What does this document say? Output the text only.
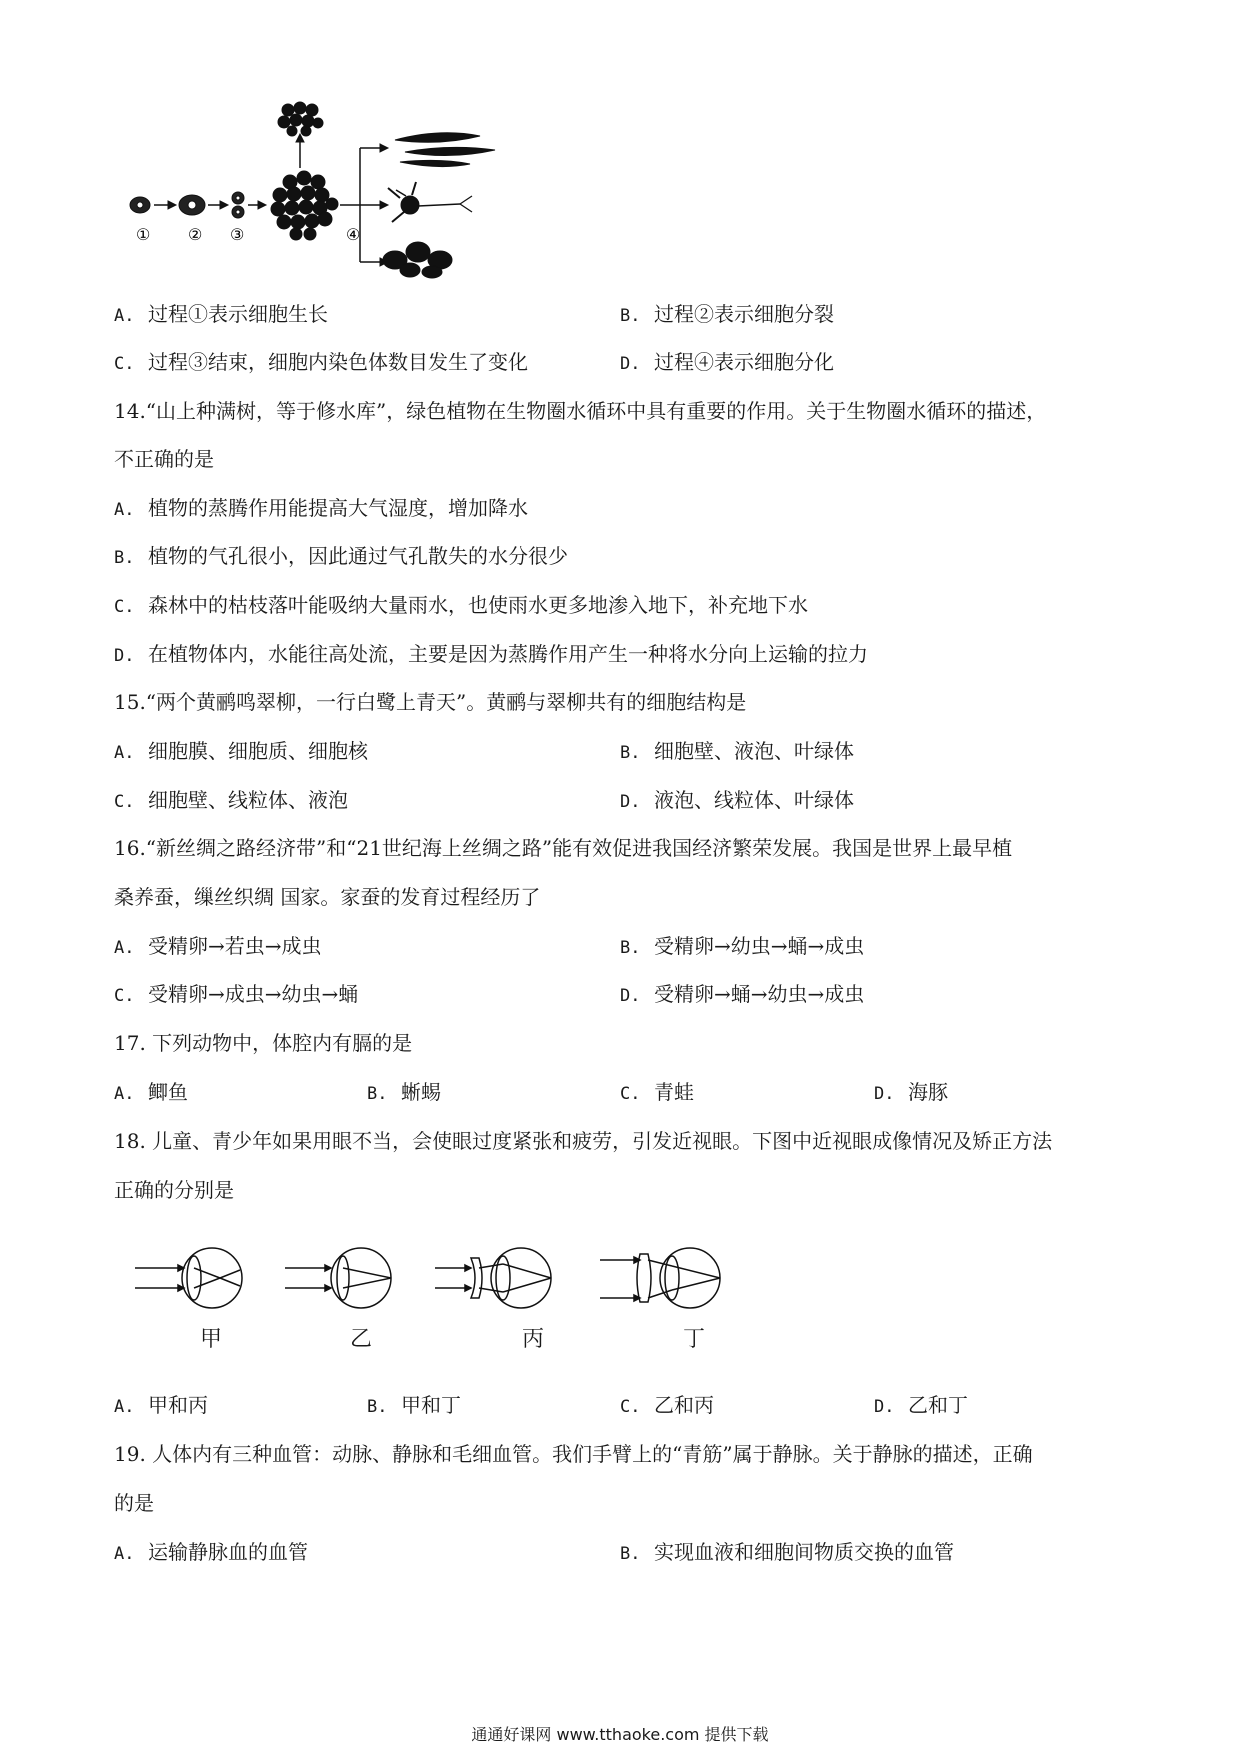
① ② ③	④
A. 过程①表示细胞生长	B. 过程②表示细胞分裂
C. 过程③结束，细胞内染色体数目发生了变化	D. 过程④表示细胞分化
14.“山上种满树，等于修水库”，绿色植物在生物圈水循环中具有重要的作用。关于生物圈水循环的描述，
不正确的是
A. 植物的蒸腾作用能提高大气湿度，增加降水
B. 植物的气孔很小，因此通过气孔散失的水分很少
C. 森林中的枯枝落叶能吸纳大量雨水，也使雨水更多地渗入地下，补充地下水
D. 在植物体内，水能往高处流，主要是因为蒸腾作用产生一种将水分向上运输的拉力
15.“两个黄鹂鸣翠柳，一行白鹭上青天”。黄鹂与翠柳共有的细胞结构是
A. 细胞膜、细胞质、细胞核	B. 细胞壁、液泡、叶绿体
C. 细胞壁、线粒体、液泡	D. 液泡、线粒体、叶绿体
16.“新丝绸之路经济带”和“21世纪海上丝绸之路”能有效促进我国经济繁荣发展。我国是世界上最早植
桑养蚕，缫丝织绸 国家。家蚕的发育过程经历了
A. 受精卵→若虫→成虫	B. 受精卵→幼虫→蛹→成虫
C. 受精卵→成虫→幼虫→蛹	D. 受精卵→蛹→幼虫→成虫
17. 下列动物中，体腔内有膈的是
A. 鲫鱼	B. 蜥蜴	C. 青蛙	D. 海豚
18. 儿童、青少年如果用眼不当，会使眼过度紧张和疲劳，引发近视眼。下图中近视眼成像情况及矫正方法
正确的分别是
甲	乙	丙	丁
A. 甲和丙	B. 甲和丁	C. 乙和丙	D. 乙和丁
19. 人体内有三种血管：动脉、静脉和毛细血管。我们手臂上的“青筋”属于静脉。关于静脉的描述，正确
的是
A. 运输静脉血的血管	B. 实现血液和细胞间物质交换的血管
通通好课网 www.tthaoke.com 提供下载
